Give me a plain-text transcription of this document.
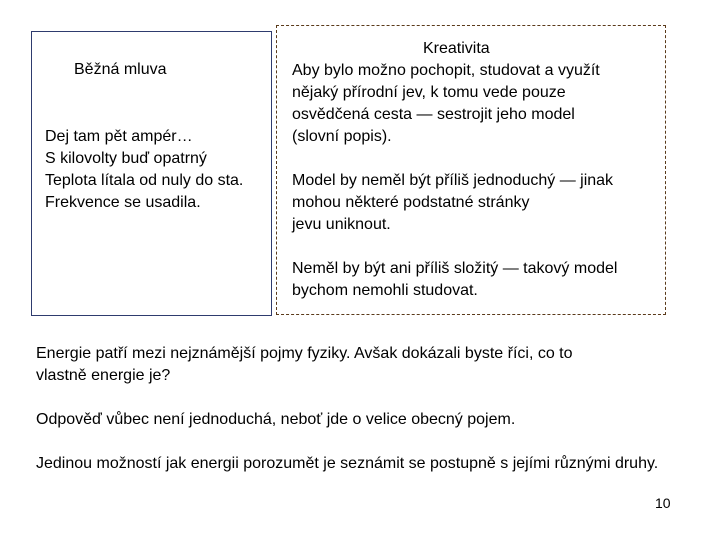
Běžná mluva
Dej tam pět ampér…
S kilovolty buď opatrný
Teplota lítala od nuly do sta.
Frekvence se usadila.
Kreativita
Aby bylo možno pochopit, studovat a využít
nějaký přírodní jev, k tomu vede pouze
osvědčená cesta — sestrojit jeho model
(slovní popis).
Model by neměl být příliš jednoduchý — jinak
mohou některé podstatné stránky
jevu uniknout.
Neměl by být ani příliš složitý — takový model
bychom nemohli studovat.
Energie patří mezi nejznámější pojmy fyziky. Avšak dokázali byste říci, co to vlastně energie je?
Odpověď vůbec není jednoduchá, neboť jde o velice obecný pojem.
Jedinou možností jak energii porozumět je seznámit se postupně s jejími různými druhy.
10
